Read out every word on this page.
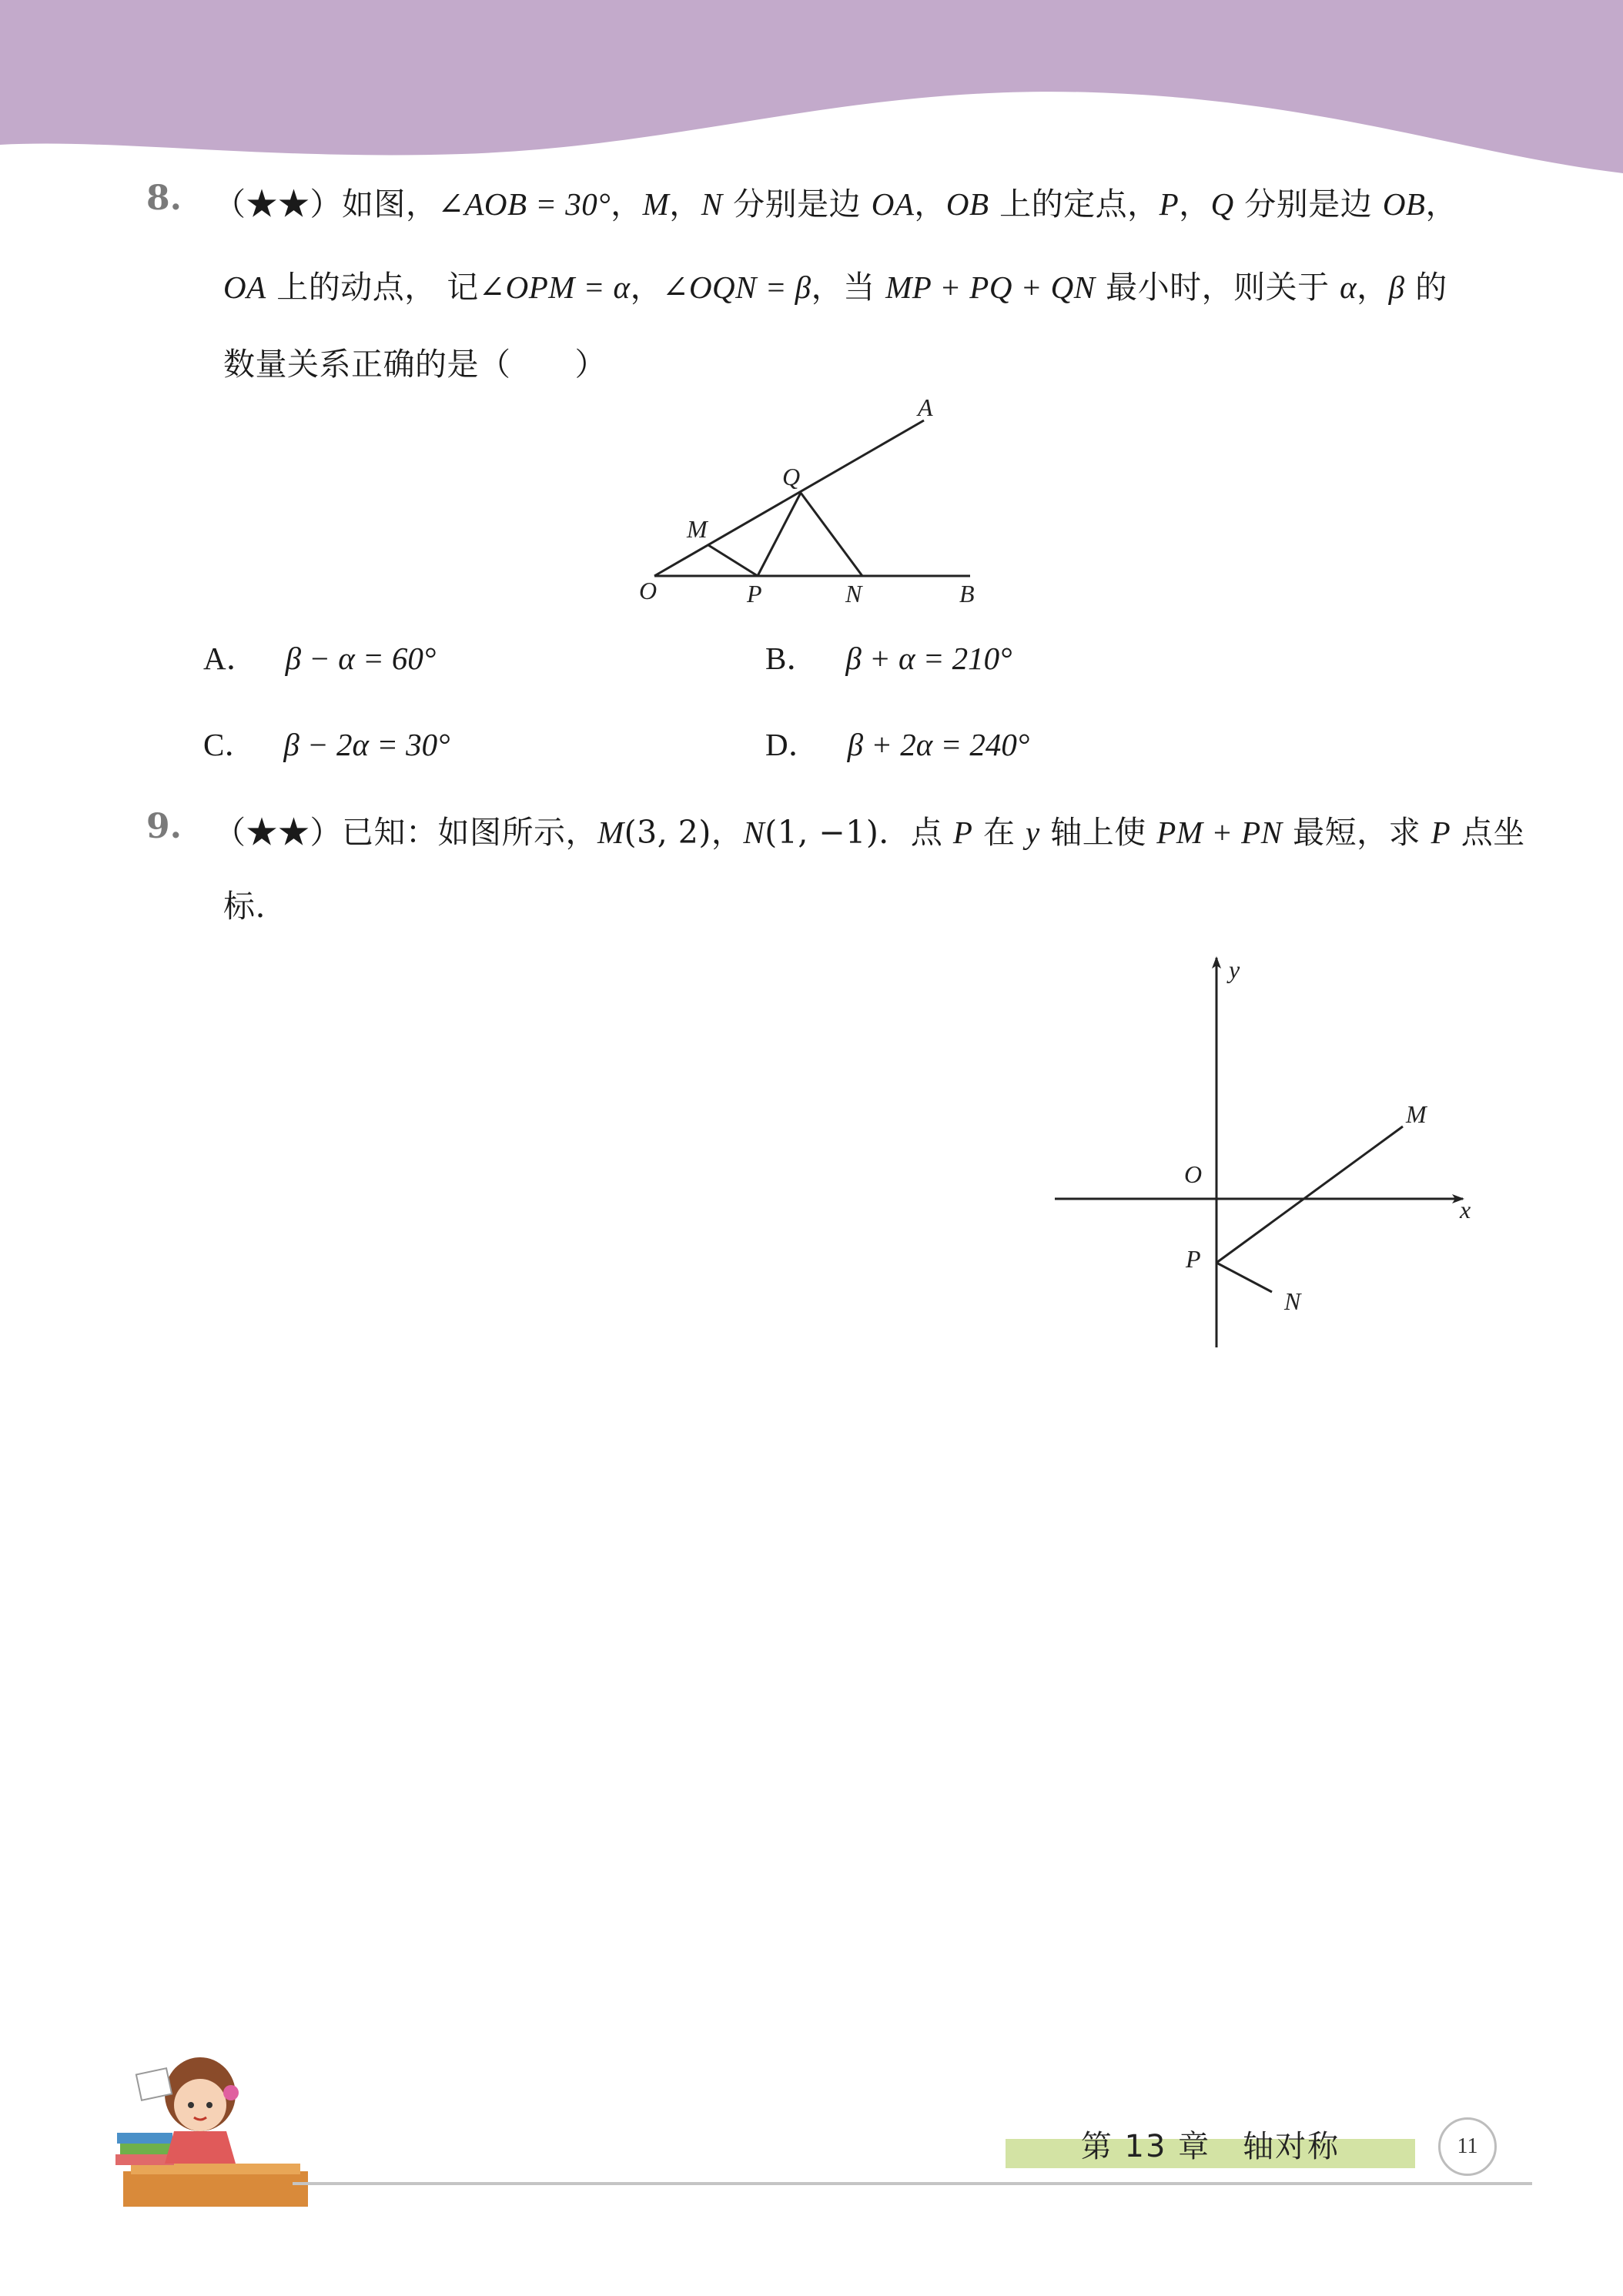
8. （★★）如图，∠AOB = 30°，M，N 分别是边 OA，OB 上的定点，P，Q 分别是边 OB，
OA 上的动点， 记∠OPM = α，∠OQN = β，当 MP + PQ + QN 最小时，则关于 α，β 的
数量关系正确的是（　　）
A
Q
M
O	P	N	B
A． β − α = 60°	B． β + α = 210°
C． β − 2α = 30°	D． β + 2α = 240°
9. （★★）已知：如图所示，M(3, 2)，N(1, −1)．点 P 在 y 轴上使 PM + PN 最短，求 P 点坐
标.
y
x
O
M
P
N
第 13 章　轴对称	11
